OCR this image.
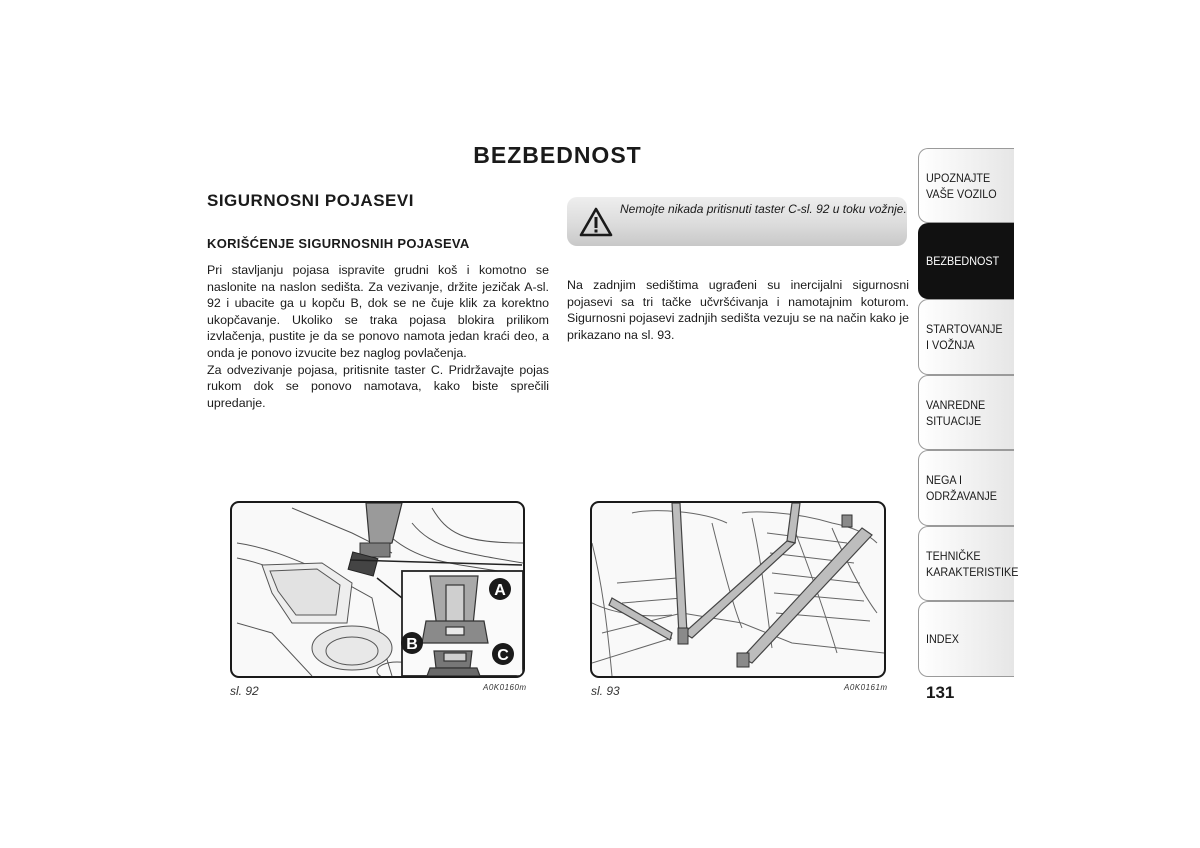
BEZBEDNOST
SIGURNOSNI POJASEVI
KORIŠĆENJE SIGURNOSNIH POJASEVA

Pri stavljanju pojasa ispravite grudni koš i komotno se naslonite na naslon sedišta. Za vezivanje, držite jezičak A-sl. 92 i ubacite ga u kopču B, dok se ne čuje klik za korektno ukopčavanje. Ukoliko se traka pojasa blokira prilikom izvlačenja, pustite je da se ponovo namota jedan kraći deo, a onda je ponovo izvucite bez naglog povlačenja.

Za odvezivanje pojasa, pritisnite taster C. Pridržavajte pojas rukom dok se ponovo namotava, kako biste sprečili upredanje.

Nemojte nikada pritisnuti taster C-sl. 92 u toku vožnje.

Na zadnjim sedištima ugrađeni su inercijalni sigurnosni pojasevi sa tri tačke učvršćivanja i namotajnim koturom. Sigurnosni pojasevi zadnjih sedišta vezuju se na način kako je prikazano na sl. 93.

A
B
C
sl. 92	A0K0160m	sl. 93	A0K0161m
UPOZNAJTE
VAŠE VOZILO
BEZBEDNOST
STARTOVANJE
I VOŽNJA
VANREDNE
SITUACIJE
NEGA I
ODRŽAVANJE
TEHNIČKE
KARAKTERISTIKE
INDEX
131
